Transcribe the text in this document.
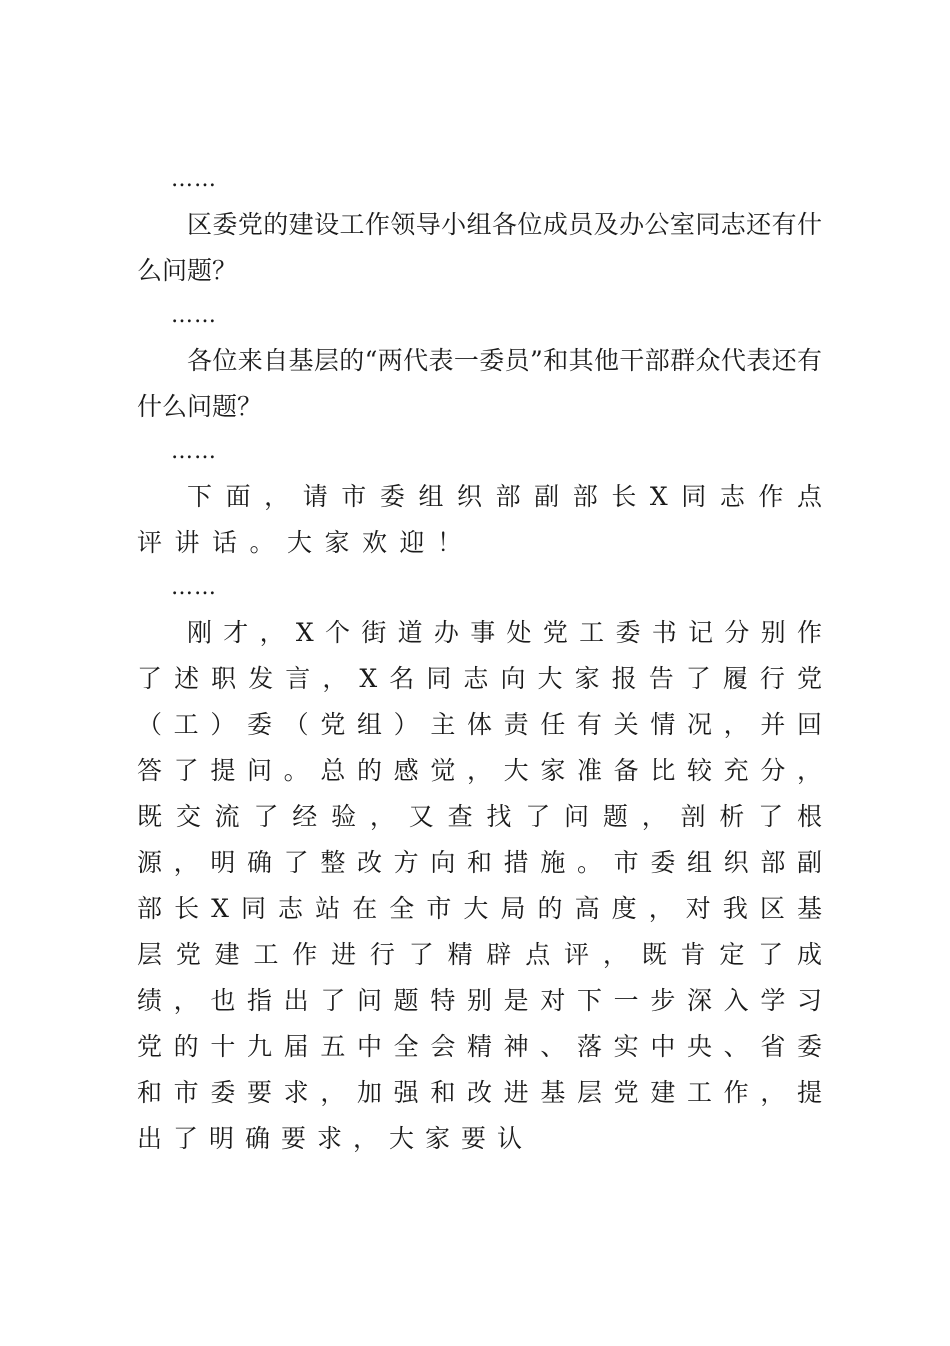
……

区委党的建设工作领导小组各位成员及办公室同志还有什么问题？

……

各位来自基层的“两代表一委员”和其他干部群众代表还有什么问题？

……

下面，请市委组织部副部长X同志作点评讲话。大家欢迎！

……

刚才，X个街道办事处党工委书记分别作了述职发言，X名同志向大家报告了履行党（工）委（党组）主体责任有关情况，并回答了提问。总的感觉，大家准备比较充分，既交流了经验，又查找了问题，剖析了根源，明确了整改方向和措施。市委组织部副部长X同志站在全市大局的高度，对我区基层党建工作进行了精辟点评，既肯定了成绩，也指出了问题特别是对下一步深入学习党的十九届五中全会精神、落实中央、省委和市委要求，加强和改进基层党建工作，提出了明确要求，大家要认
